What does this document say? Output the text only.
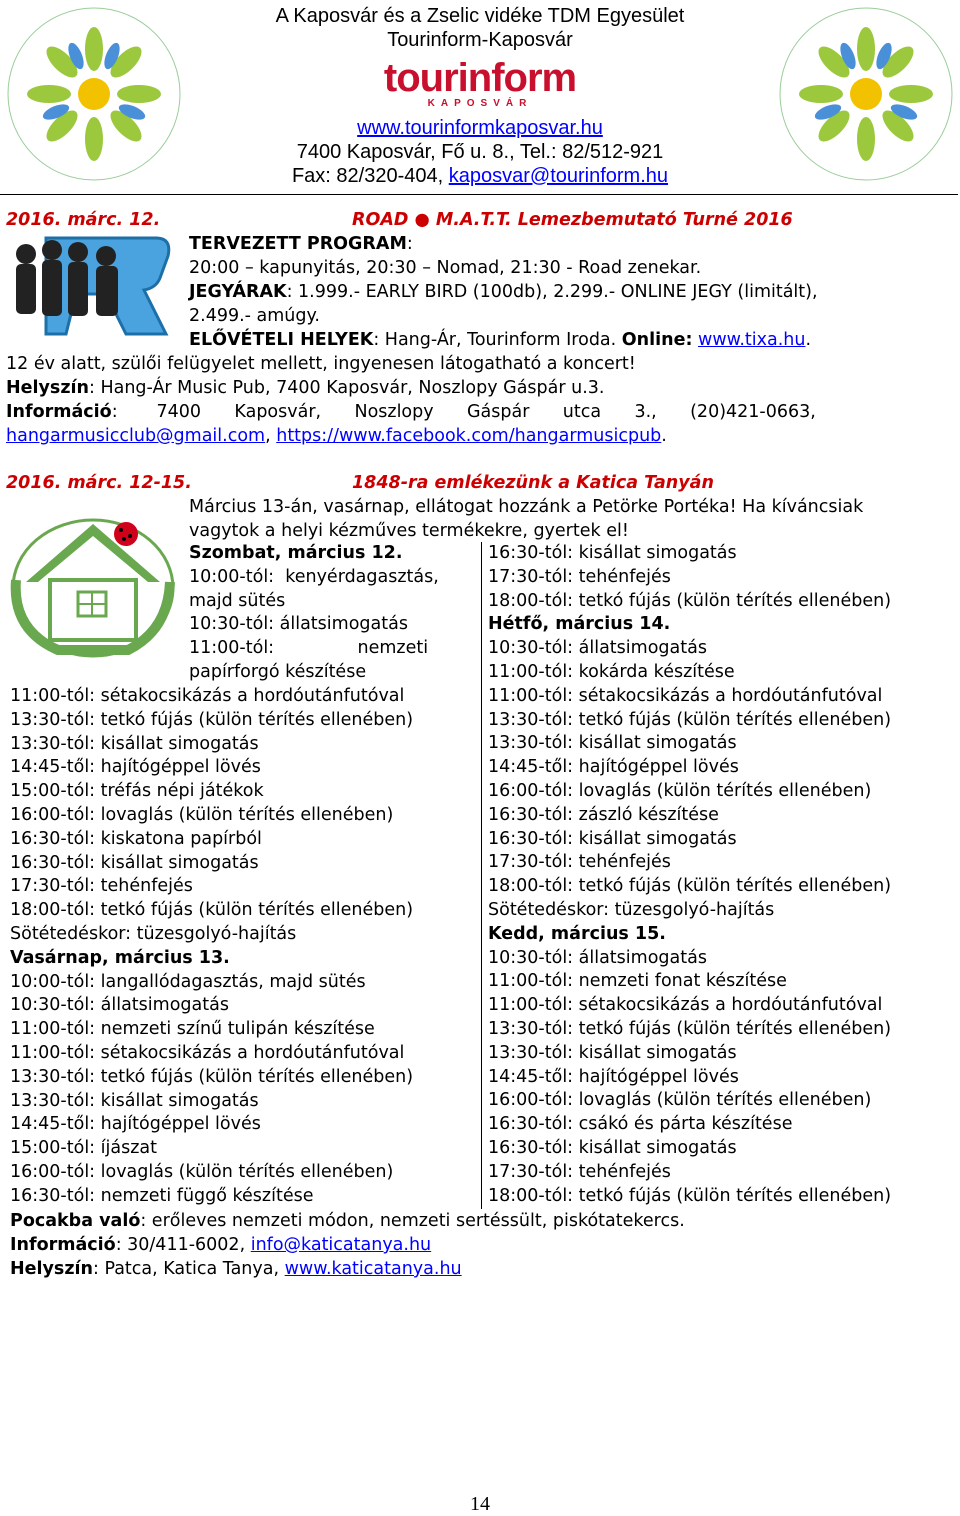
A Kaposvár és a Zselic vidéke TDM Egyesület
Tourinform-Kaposvár
tourinform
KAPOSVÁR
www.tourinformkaposvar.hu
7400 Kaposvár, Fő u. 8., Tel.: 82/512-921
Fax: 82/320-404, kaposvar@tourinform.hu
2016. márc. 12.	ROAD ● M.A.T.T. Lemezbemutató Turné 2016
TERVEZETT PROGRAM:
20:00 – kapunyitás, 20:30 – Nomad, 21:30 - Road zenekar.
JEGYÁRAK: 1.999.- EARLY BIRD (100db), 2.299.- ONLINE JEGY (limitált),
2.499.- amúgy.
ELŐVÉTELI HELYEK: Hang-Ár, Tourinform Iroda. Online: www.tixa.hu.
12 év alatt, szülői felügyelet mellett, ingyenesen látogatható a koncert!
Helyszín: Hang-Ár Music Pub, 7400 Kaposvár, Noszlopy Gáspár u.3.
Információ:       7400      Kaposvár,      Noszlopy      Gáspár      utca      3.,      (20)421-0663,
hangarmusicclub@gmail.com, https://www.facebook.com/hangarmusicpub.
2016. márc. 12-15.	1848-ra emlékezünk a Katica Tanyán
Március 13-án, vasárnap, ellátogat hozzánk a Petörke Portéka! Ha kíváncsiak
vagytok a helyi kézműves termékekre, gyertek el!
Szombat, március 12.
10:00-tól:  kenyérdagasztás,
majd sütés
10:30-tól: állatsimogatás
11:00-tól:               nemzeti
papírforgó készítése
11:00-tól: sétakocsikázás a hordóutánfutóval
13:30-tól: tetkó fújás (külön térítés ellenében)
13:30-tól: kisállat simogatás
14:45-től: hajítógéppel lövés
15:00-tól: tréfás népi játékok
16:00-tól: lovaglás (külön térítés ellenében)
16:30-tól: kiskatona papírból
16:30-tól: kisállat simogatás
17:30-tól: tehénfejés
18:00-tól: tetkó fújás (külön térítés ellenében)
Sötétedéskor: tüzesgolyó-hajítás
Vasárnap, március 13.
10:00-tól: langallódagasztás, majd sütés
10:30-tól: állatsimogatás
11:00-tól: nemzeti színű tulipán készítése
11:00-tól: sétakocsikázás a hordóutánfutóval
13:30-tól: tetkó fújás (külön térítés ellenében)
13:30-tól: kisállat simogatás
14:45-től: hajítógéppel lövés
15:00-tól: íjászat
16:00-tól: lovaglás (külön térítés ellenében)
16:30-tól: nemzeti függő készítése
16:30-tól: kisállat simogatás
17:30-tól: tehénfejés
18:00-tól: tetkó fújás (külön térítés ellenében)
Hétfő, március 14.
10:30-tól: állatsimogatás
11:00-tól: kokárda készítése
11:00-tól: sétakocsikázás a hordóutánfutóval
13:30-tól: tetkó fújás (külön térítés ellenében)
13:30-tól: kisállat simogatás
14:45-től: hajítógéppel lövés
16:00-tól: lovaglás (külön térítés ellenében)
16:30-tól: zászló készítése
16:30-tól: kisállat simogatás
17:30-tól: tehénfejés
18:00-tól: tetkó fújás (külön térítés ellenében)
Sötétedéskor: tüzesgolyó-hajítás
Kedd, március 15.
10:30-tól: állatsimogatás
11:00-tól: nemzeti fonat készítése
11:00-tól: sétakocsikázás a hordóutánfutóval
13:30-tól: tetkó fújás (külön térítés ellenében)
13:30-tól: kisállat simogatás
14:45-től: hajítógéppel lövés
16:00-tól: lovaglás (külön térítés ellenében)
16:30-tól: csákó és párta készítése
16:30-tól: kisállat simogatás
17:30-tól: tehénfejés
18:00-tól: tetkó fújás (külön térítés ellenében)
Pocakba való: erőleves nemzeti módon, nemzeti sertéssült, piskótatekercs.
Információ: 30/411-6002, info@katicatanya.hu
Helyszín: Patca, Katica Tanya, www.katicatanya.hu
14
